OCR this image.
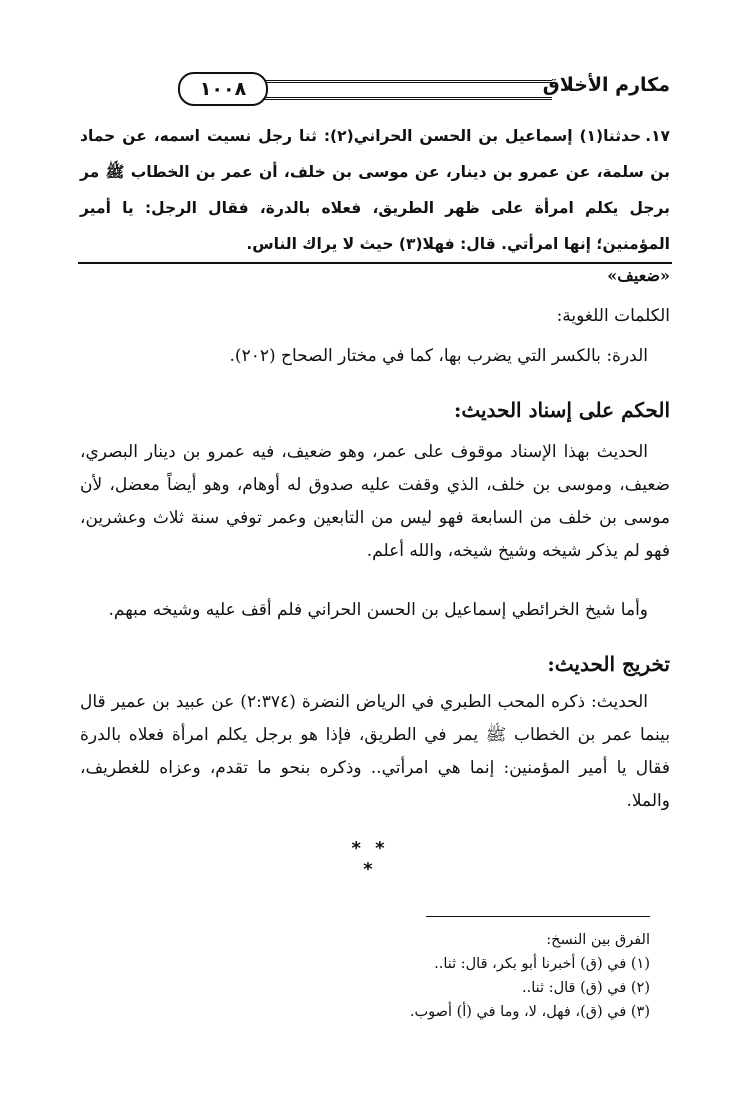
مكارم الأخلاق
١٠٠٨
١٧.حدثنا(١) إسماعيل بن الحسن الحراني(٢): ثنا رجل نسيت اسمه، عن حماد بن سلمة، عن عمرو بن دينار، عن موسى بن خلف، أن عمر بن الخطاب ﷺ مر برجل يكلم امرأة على ظهر الطريق، فعلاه بالدرة، فقال الرجل: يا أمير المؤمنين؛ إنها امرأتي. قال: فهلا(٣) حيث لا يراك الناس.
«ضعيف»
الكلمات اللغوية:

الدرة: بالكسر التي يضرب بها، كما في مختار الصحاح (٢٠٢).

الحكم على إسناد الحديث:

الحديث بهذا الإسناد موقوف على عمر، وهو ضعيف، فيه عمرو بن دينار البصري، ضعيف، وموسى بن خلف، الذي وقفت عليه صدوق له أوهام، وهو أيضاً معضل، لأن موسى بن خلف من السابعة فهو ليس من التابعين وعمر توفي سنة ثلاث وعشرين، فهو لم يذكر شيخه وشيخ شيخه، والله أعلم.

وأما شيخ الخرائطي إسماعيل بن الحسن الحراني فلم أقف عليه وشيخه مبهم.

تخريج الحديث:

الحديث: ذكره المحب الطبري في الرياض النضرة (٢:٣٧٤) عن عبيد بن عمير قال بينما عمر بن الخطاب ﷺ يمر في الطريق، فإذا هو برجل يكلم امرأة فعلاه بالدرة فقال يا أمير المؤمنين: إنما هي امرأتي.. وذكره بنحو ما تقدم، وعزاه للغطريف، والملا.

* * *
الفرق بين النسخ:
(١) في (ق) أخبرنا أبو بكر، قال: ثنا..
(٢) في (ق) قال: ثنا..
(٣) في (ق)، فهل، لا، وما في (أ) أصوب.
